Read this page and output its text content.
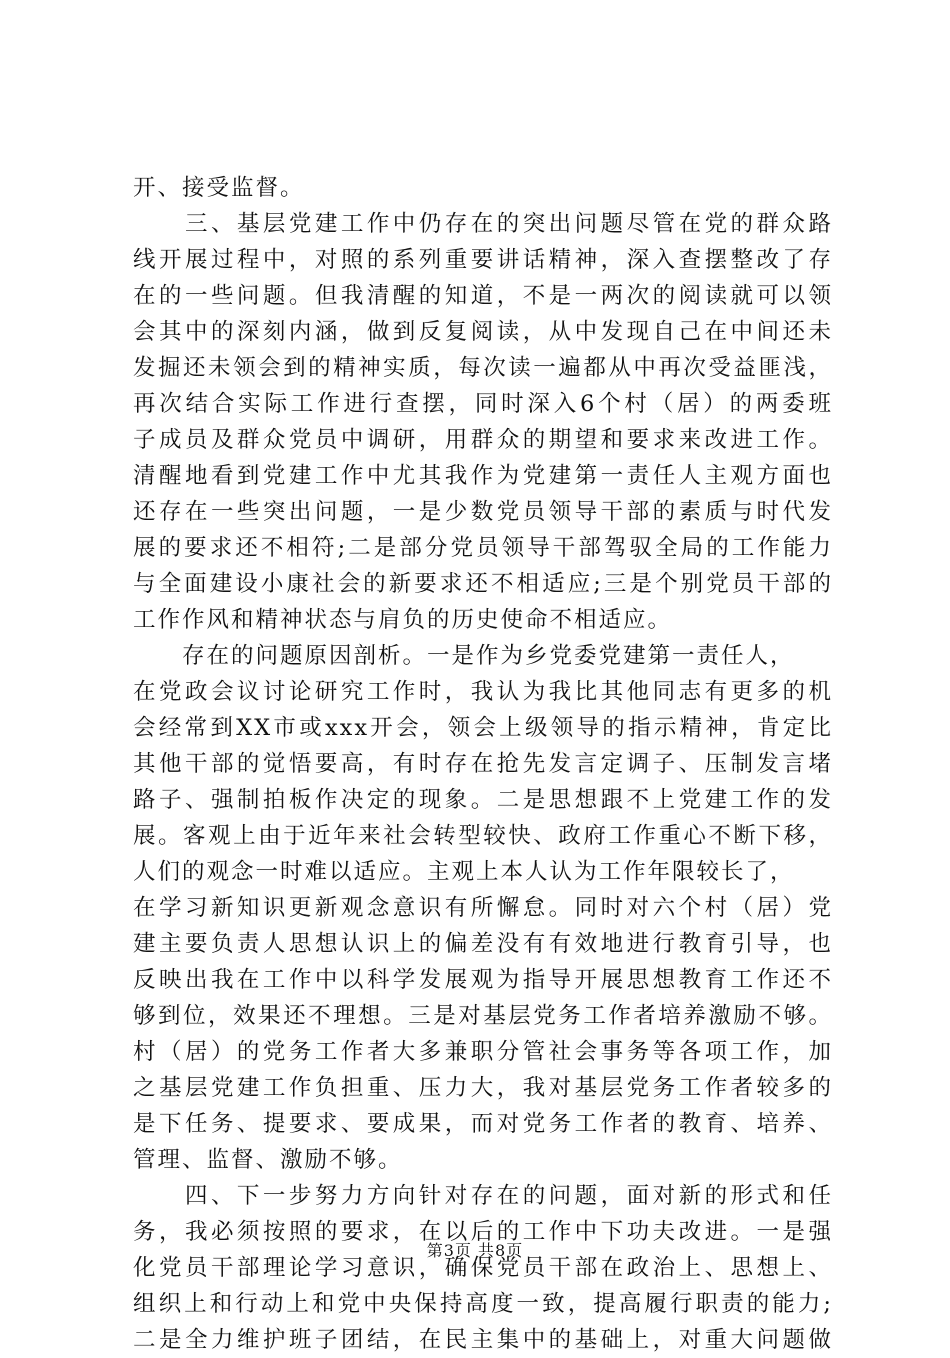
开、接受监督。
　　三、基层党建工作中仍存在的突出问题尽管在党的群众路
线开展过程中，对照的系列重要讲话精神，深入查摆整改了存
在的一些问题。但我清醒的知道，不是一两次的阅读就可以领
会其中的深刻内涵，做到反复阅读，从中发现自己在中间还未
发掘还未领会到的精神实质，每次读一遍都从中再次受益匪浅，
再次结合实际工作进行查摆，同时深入6个村（居）的两委班
子成员及群众党员中调研，用群众的期望和要求来改进工作。
清醒地看到党建工作中尤其我作为党建第一责任人主观方面也
还存在一些突出问题，一是少数党员领导干部的素质与时代发
展的要求还不相符;二是部分党员领导干部驾驭全局的工作能力
与全面建设小康社会的新要求还不相适应;三是个别党员干部的
工作作风和精神状态与肩负的历史使命不相适应。
　　存在的问题原因剖析。一是作为乡党委党建第一责任人，
在党政会议讨论研究工作时，我认为我比其他同志有更多的机
会经常到XX市或xxx开会，领会上级领导的指示精神，肯定比
其他干部的觉悟要高，有时存在抢先发言定调子、压制发言堵
路子、强制拍板作决定的现象。二是思想跟不上党建工作的发
展。客观上由于近年来社会转型较快、政府工作重心不断下移，
人们的观念一时难以适应。主观上本人认为工作年限较长了，
在学习新知识更新观念意识有所懈怠。同时对六个村（居）党
建主要负责人思想认识上的偏差没有有效地进行教育引导，也
反映出我在工作中以科学发展观为指导开展思想教育工作还不
够到位，效果还不理想。三是对基层党务工作者培养激励不够。
村（居）的党务工作者大多兼职分管社会事务等各项工作，加
之基层党建工作负担重、压力大，我对基层党务工作者较多的
是下任务、提要求、要成果，而对党务工作者的教育、培养、
管理、监督、激励不够。
　　四、下一步努力方向针对存在的问题，面对新的形式和任
务，我必须按照的要求，在以后的工作中下功夫改进。一是强
化党员干部理论学习意识，确保党员干部在政治上、思想上、
组织上和行动上和党中央保持高度一致，提高履行职责的能力;
二是全力维护班子团结，在民主集中的基础上，对重大问题做
第3页 共8页
